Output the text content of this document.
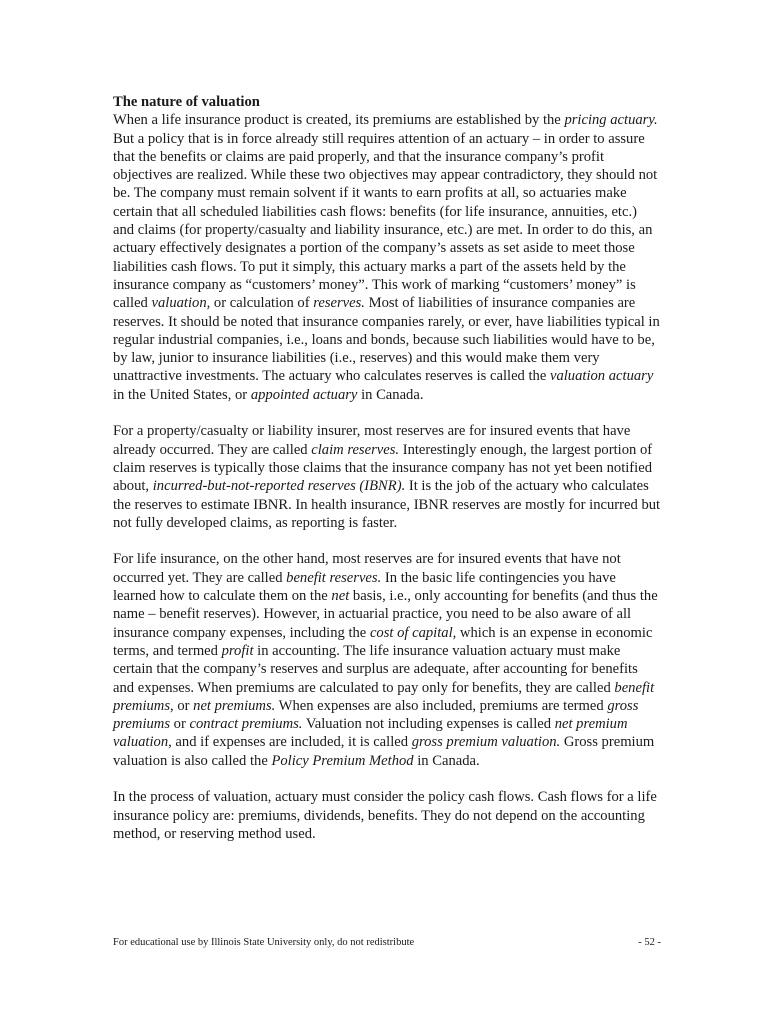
The nature of valuation

When a life insurance product is created, its premiums are established by the pricing actuary. But a policy that is in force already still requires attention of an actuary – in order to assure that the benefits or claims are paid properly, and that the insurance company’s profit objectives are realized. While these two objectives may appear contradictory, they should not be. The company must remain solvent if it wants to earn profits at all, so actuaries make certain that all scheduled liabilities cash flows: benefits (for life insurance, annuities, etc.) and claims (for property/casualty and liability insurance, etc.) are met. In order to do this, an actuary effectively designates a portion of the company’s assets as set aside to meet those liabilities cash flows. To put it simply, this actuary marks a part of the assets held by the insurance company as “customers’ money”. This work of marking “customers’ money” is called valuation, or calculation of reserves. Most of liabilities of insurance companies are reserves. It should be noted that insurance companies rarely, or ever, have liabilities typical in regular industrial companies, i.e., loans and bonds, because such liabilities would have to be, by law, junior to insurance liabilities (i.e., reserves) and this would make them very unattractive investments. The actuary who calculates reserves is called the valuation actuary in the United States, or appointed actuary in Canada.

For a property/casualty or liability insurer, most reserves are for insured events that have already occurred. They are called claim reserves. Interestingly enough, the largest portion of claim reserves is typically those claims that the insurance company has not yet been notified about, incurred-but-not-reported reserves (IBNR). It is the job of the actuary who calculates the reserves to estimate IBNR. In health insurance, IBNR reserves are mostly for incurred but not fully developed claims, as reporting is faster.

For life insurance, on the other hand, most reserves are for insured events that have not occurred yet. They are called benefit reserves. In the basic life contingencies you have learned how to calculate them on the net basis, i.e., only accounting for benefits (and thus the name – benefit reserves). However, in actuarial practice, you need to be also aware of all insurance company expenses, including the cost of capital, which is an expense in economic terms, and termed profit in accounting. The life insurance valuation actuary must make certain that the company’s reserves and surplus are adequate, after accounting for benefits and expenses. When premiums are calculated to pay only for benefits, they are called benefit premiums, or net premiums. When expenses are also included, premiums are termed gross premiums or contract premiums. Valuation not including expenses is called net premium valuation, and if expenses are included, it is called gross premium valuation. Gross premium valuation is also called the Policy Premium Method in Canada.

In the process of valuation, actuary must consider the policy cash flows. Cash flows for a life insurance policy are: premiums, dividends, benefits. They do not depend on the accounting method, or reserving method used.

For educational use by Illinois State University only, do not redistribute	- 52 -
